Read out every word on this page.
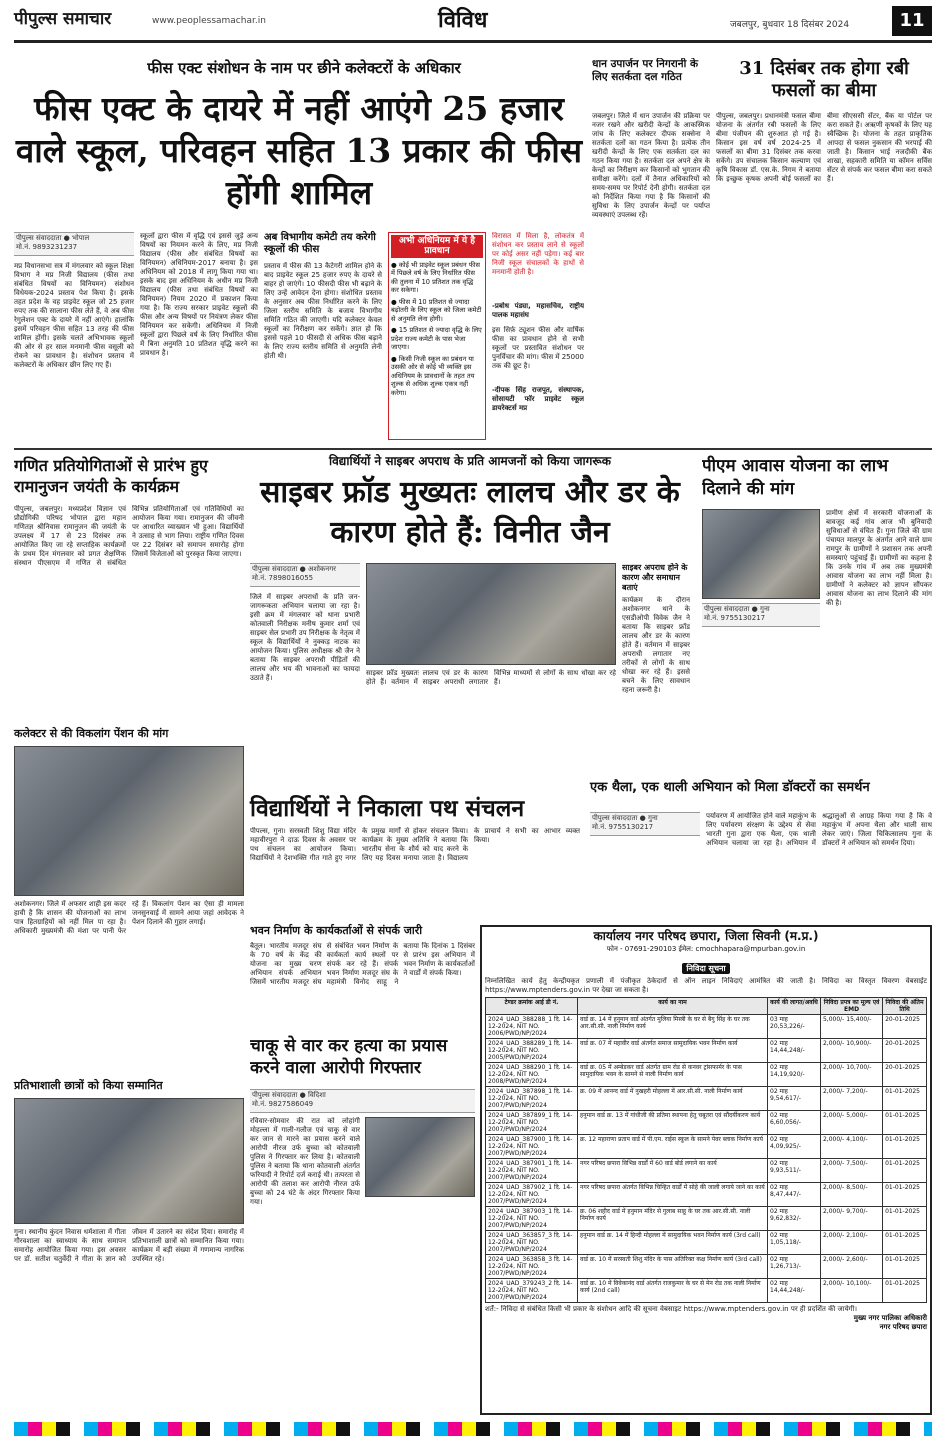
पीपुल्स समाचार	www.peoplessamachar.in	विविध	जबलपुर, बुधवार 18 दिसंबर 2024	11
फीस एक्ट संशोधन के नाम पर छीने कलेक्टरों के अधिकार
फीस एक्ट के दायरे में नहीं आएंगे 25 हजार वाले स्कूल, परिवहन सहित 13 प्रकार की फीस होंगी शामिल
पीपुल्स संवाददाता ● भोपाल
मो.नं. 9893231237
मप्र विधानसभा सत्र में मंगलवार को स्कूल शिक्षा विभाग ने मप्र निजी विद्यालय (फीस तथा संबंधित विषयों का विनियमन) संशोधन विधेयक-2024 प्रस्ताव पेश किया है। इसके तहत प्रदेश के वह प्राइवेट स्कूल जो 25 हजार रुपए तक की सालाना फीस लेते हैं, वे अब फीस रेगुलेशन एक्ट के दायरे में नहीं आएंगे। हालांकि इसमें परिवहन फीस सहित 13 तरह की फीस शामिल होंगी। इसके चलते अभिभावक स्कूलों की ओर से हर साल मनमानी फीस वसूली को रोकने का प्रावधान है। संशोधन प्रस्ताव में कलेक्टरों के अधिकार छीन लिए गए हैं।
स्कूलों द्वारा फीस में वृद्धि एवं इससे जुड़े अन्य विषयों का नियमन करने के लिए, मप्र निजी विद्यालय (फीस और संबंधित विषयों का विनियमन) अधिनियम-2017 बनाया है। इस अधिनियम को 2018 में लागू किया गया था। इसके बाद इस अधिनियम के अधीन मप्र निजी विद्यालय (फीस तथा संबंधित विषयों का विनियमन) नियम 2020 में प्रकाशन किया गया है। कि राज्य सरकार प्राइवेट स्कूलों की फीस और अन्य विषयों पर नियंत्रण लेकर फीस विनियमन कर सकेगी। अधिनियम में निजी स्कूलों द्वारा पिछले वर्ष के लिए निर्धारित फीस में बिना अनुमति 10 प्रतिशत वृद्धि करने का प्रावधान है।
अब विभागीय कमेटी तय करेगी स्कूलों की फीस
प्रस्ताव में फीस की 13 कैटेगरी शामिल होने के बाद प्राइवेट स्कूल 25 हजार रुपए के दायरे से बाहर हो जाएंगे। 10 फीसदी फीस भी बढ़ाने के लिए उन्हें आवेदन देना होगा। संशोधित प्रस्ताव के अनुसार अब फीस निर्धारित करने के लिए जिला स्तरीय समिति के बजाय विभागीय समिति गठित की जाएगी। यदि कलेक्टर केवल स्कूलों का निरीक्षण कर सकेंगे। ज्ञात हो कि इससे पहले 10 फीसदी से अधिक फीस बढ़ाने के लिए राज्य स्तरीय समिति से अनुमति लेनी होती थी।
अभी अधिनियम में ये है प्रावधान
● कोई भी प्राइवेट स्कूल प्रबंधन फीस में पिछले वर्ष के लिए निर्धारित फीस की तुलना में 10 प्रतिशत तक वृद्धि कर सकेगा।
● फीस में 10 प्रतिशत से ज्यादा बढ़ोतरी के लिए स्कूल को जिला कमेटी से अनुमति लेना होगी।
● 15 प्रतिशत से ज्यादा वृद्धि के लिए प्रदेश राज्य कमेटी के पास भेजा जाएगा।
● किसी निजी स्कूल का प्रबंधन या उसकी ओर से कोई भी व्यक्ति इस अधिनियम के प्रावधानों के तहत तय शुल्क से अधिक शुल्क एकत्र नहीं करेगा।
विरासत में मिला है, लोकतंत्र में संशोधन कर प्रस्ताव लाने से स्कूलों पर कोई असर नहीं पड़ेगा। कई बार निजी स्कूल संचालकों के हाथों से मनमानी होती है।
-प्रबोध पंड्या, महासचिव, राष्ट्रीय पालक महासंघ
इस सिर्फ़ ट्यूशन फीस और वार्षिक फीस का प्रावधान होने से सभी स्कूलों पर प्रस्तावित संशोधन पर पुनर्विचार की मांग। फीस में 25000 तक की छूट है।
-दीपक सिंह राजपूत, संस्थापक, सोसायटी फॉर प्राइवेट स्कूल डायरेक्टर्स मप्र
धान उपार्जन पर निगरानी के लिए सतर्कता दल गठित
जबलपुर। जिले में धान उपार्जन की प्रक्रिया पर नजर रखने और खरीदी केन्द्रों के आकस्मिक जांच के लिए कलेक्टर दीपक सक्सेना ने सतर्कता दलों का गठन किया है। प्रत्येक तीन खरीदी केन्द्रों के लिए एक सतर्कता दल का गठन किया गया है। सतर्कता दल अपने क्षेत्र के केन्द्रों का निरीक्षण कर किसानों को भुगतान की समीक्षा करेंगे। दलों में तैनात अधिकारियों को समय-समय पर रिपोर्ट देनी होगी। सतर्कता दल को निर्देशित किया गया है कि किसानों की सुविधा के लिए उपार्जन केन्द्रों पर पर्याप्त व्यवस्थाएं उपलब्ध रहें।
31 दिसंबर तक होगा रबी फसलों का बीमा
पीपुल्स, जबलपुर। प्रधानमंत्री फसल बीमा योजना के अंतर्गत रबी फसलों के लिए बीमा पंजीयन की शुरुआत हो गई है। किसान इस वर्ष वर्ष 2024-25 में फसलों का बीमा 31 दिसंबर तक करवा सकेंगे। उप संचालक किसान कल्याण एवं कृषि विकास डॉ. एस.के. निगम ने बताया कि इच्छुक कृषक अपनी बोई फसलों का बीमा सीएससी सेंटर, बैंक या पोर्टल पर करा सकते हैं। अऋणी कृषकों के लिए यह स्वैच्छिक है। योजना के तहत प्राकृतिक आपदा से फसल नुकसान की भरपाई की जाती है। किसान भाई नजदीकी बैंक शाखा, सहकारी समिति या कॉमन सर्विस सेंटर से संपर्क कर फसल बीमा करा सकते हैं।
गणित प्रतियोगिताओं से प्रारंभ हुए रामानुजन जयंती के कार्यक्रम
पीपुल्स, जबलपुर। मध्यप्रदेश विज्ञान एवं प्रौद्योगिकी परिषद भोपाल द्वारा महान गणितज्ञ श्रीनिवास रामानुजन की जयंती के उपलक्ष्य में 17 से 23 दिसंबर तक आयोजित किए जा रहे सप्ताहिक कार्यक्रमों के प्रथम दिन मंगलवार को प्रगत शैक्षणिक संस्थान पीएसएम में गणित से संबंधित विभिन्न प्रतियोगिताओं एवं गतिविधियों का आयोजन किया गया। रामानुजन की जीवनी पर आधारित व्याख्यान भी हुआ। विद्यार्थियों ने उत्साह से भाग लिया। राष्ट्रीय गणित दिवस पर 22 दिसंबर को समापन समारोह होगा जिसमें विजेताओं को पुरस्कृत किया जाएगा।
विद्यार्थियों ने साइबर अपराध के प्रति आमजनों को किया जागरूक
साइबर फ्रॉड मुख्यतः लालच और डर के कारण होते हैं: विनीत जैन
पीपुल्स संवाददाता ● अशोकनगर
मो.नं. 7898016055
साइबर अपराध होने के कारण और समाधान बताएं
कार्यक्रम के दौरान अशोकनगर थाने के एसडीओपी विवेक जैन ने बताया कि साइबर फ्रॉड लालच और डर के कारण होते हैं। वर्तमान में साइबर अपराधी लगातार नए तरीकों से लोगों के साथ धोखा कर रहे हैं। इससे बचने के लिए सावधान रहना जरूरी है।
जिले में साइबर अपराधों के प्रति जन-जागरूकता अभियान चलाया जा रहा है। इसी क्रम में मंगलवार को थाना प्रभारी कोतवाली निरीक्षक मनीष कुमार शर्मा एवं साइबर सेल प्रभारी उप निरीक्षक के नेतृत्व में स्कूल के विद्यार्थियों ने नुक्कड़ नाटक का आयोजन किया। पुलिस अधीक्षक श्री जैन ने बताया कि साइबर अपराधी पीड़ितों की लालच और भय की भावनाओं का फायदा उठाते हैं।
साइबर फ्रॉड मुख्यतः लालच एवं डर के कारण होते हैं। वर्तमान में साइबर अपराधी लगातार विभिन्न माध्यमों से लोगों के साथ धोखा कर रहे हैं।
पीएम आवास योजना का लाभ दिलाने की मांग
पीपुल्स संवाददाता ● गुना
मो.नं. 9755130217
प्रामीण क्षेत्रों में सरकारी योजनाओं के बावजूद कई गांव आज भी बुनियादी सुविधाओं से वंचित हैं। गुना जिले की ग्राम पंचायत मालपुर के अंतर्गत आने वाले ग्राम रामपुर के ग्रामीणों ने प्रशासन तक अपनी समस्याएं पहुंचाई हैं। ग्रामीणों का कहना है कि उनके गांव में अब तक मुख्यमंत्री आवास योजना का लाभ नहीं मिला है। ग्रामीणों ने कलेक्टर को ज्ञापन सौंपकर आवास योजना का लाभ दिलाने की मांग की है।
कलेक्टर से की विकलांग पेंशन की मांग
अशोकनगर। जिले में अफसर शाही इस कदर हावी है कि शासन की योजनाओं का लाभ पात्र हितग्राहियों को नहीं मिल पा रहा है। अधिकारी मुख्यमंत्री की मंशा पर पानी फेर रहे हैं। विकलांग पेंशन का ऐसा ही मामला जनसुनवाई में सामने आया जहां आवेदक ने पेंशन दिलाने की गुहार लगाई।
विद्यार्थियों ने निकाला पथ संचलन
पीपल्स, गुना। सरस्वती शिशु विद्या मंदिर महावीरपुरा ने दाऊ दिवस के अवसर पर पथ संचलन का आयोजन किया। विद्यार्थियों ने देशभक्ति गीत गाते हुए नगर के प्रमुख मार्गों से होकर संचलन किया। कार्यक्रम के मुख्य अतिथि ने बताया कि भारतीय सेना के शौर्य को याद करने के लिए यह दिवस मनाया जाता है। विद्यालय के प्राचार्य ने सभी का आभार व्यक्त किया।
एक थैला, एक थाली अभियान को मिला डॉक्टरों का समर्थन
पीपुल्स संवाददाता ● गुना
मो.नं. 9755130217
पर्यावरण में आयोजित होने वाले महाकुंभ के लिए पर्यावरण संरक्षण के उद्देश्य से सेवा भारती गुना द्वारा एक थैला, एक थाली अभियान चलाया जा रहा है। अभियान में श्रद्धालुओं से आग्रह किया गया है कि वे महाकुंभ में अपना थैला और थाली साथ लेकर जाएं। जिला चिकित्सालय गुना के डॉक्टरों ने अभियान को समर्थन दिया।
भवन निर्माण के कार्यकर्ताओं से संपर्क जारी
बैतूल। भारतीय मजदूर संघ के 70 वर्ष के केंद्र की योजना का मुख्य चरण अभियान संपर्क अभियान जिसमें भारतीय मजदूर संघ से संबंधित भवन निर्माण के कार्यकर्ता कार्य स्थलों पर संपर्क कर रहे हैं। संपर्क भवन निर्माण मजदूर संघ के महामंत्री विनोद साहू ने बताया कि दिनांक 1 दिसंबर से प्रारंभ इस अभियान में भवन निर्माण के कार्यकर्ताओं ने वार्डों में संपर्क किया।
प्रतिभाशाली छात्रों को किया सम्मानित
गुना। स्थानीय कुंदन निवास धर्मशाला में गीता गौरवशाला का स्वाध्याय के साथ समापन समारोह आयोजित किया गया। इस अवसर पर डॉ. सतीश चतुर्वेदी ने गीता के ज्ञान को जीवन में उतारने का संदेश दिया। समारोह में प्रतिभाशाली छात्रों को सम्मानित किया गया। कार्यक्रम में बड़ी संख्या में गणमान्य नागरिक उपस्थित रहे।
चाकू से वार कर हत्या का प्रयास करने वाला आरोपी गिरफ्तार
पीपुल्स संवाददाता ● विदिशा
मो.नं. 9827586049
रविवार-सोमवार की रात को लोहांगी मोहल्ला में गाली-गलौज एवं चाकू से वार कर जान से मारने का प्रयास करने वाले आरोपी नीरज उर्फ बुच्चा को कोतवाली पुलिस ने गिरफ्तार कर लिया है। कोतवाली पुलिस ने बताया कि थाना कोतवाली अंतर्गत फरियादी ने रिपोर्ट दर्ज कराई थी। तत्परता से आरोपी की तलाश कर आरोपी नीरज उर्फ बुच्चा को 24 घंटे के अंदर गिरफ्तार किया गया।
कार्यालय नगर परिषद छपारा, जिला सिवनी (म.प्र.)
फोन - 07691-290103 ईमेल: cmochhapara@mpurban.gov.in
निविदा सूचना
निम्नलिखित कार्य हेतु केन्द्रीयकृत प्रणाली में पंजीकृत ठेकेदारों से ऑन लाइन निविदाएं आमंत्रित की जाती है। निविदा का विस्तृत विवरण वेबसाईट https://www.mptenders.gov.in पर देखा जा सकता है।
टेण्डर क्रमांक आई डी नं.	कार्य का नाम	कार्य की लागत/अवधि	निविदा प्रपत्र का मूल्य एवं EMD	निविदा की अंतिम तिथि
2024_UAD_388288_1 दि. 14-12-2024, NIT NO. 2006/PWD/NP/2024	वार्ड क्र. 14 में हनुमान वार्ड अंतर्गत मुलिया मिस्त्री के घर से बैगु सिंह के घर तक आर.सी.सी. नाली निर्माण कार्य	03 माह 20,53,226/-	5,000/- 15,400/-	20-01-2025
2024_UAD_388289_1 दि. 14-12-2024, NIT NO. 2005/PWD/NP/2024	वार्ड क्र. 07 में महावीर वार्ड अंतर्गत समाज सामुदायिक भवन निर्माण कार्य	02 माह 14,44,248/-	2,000/- 10,900/-	20-01-2025
2024_UAD_388290_1 दि. 14-12-2024, NIT NO. 2008/PWD/NP/2024	वार्ड क्र. 05 में अम्बेडकर वार्ड अंतर्गत ग्राम रोड से कनवर ट्रांसफार्मर के पास सामुदायिक भवन के सामने से नाली निर्माण कार्य	02 माह 14,19,920/-	2,000/- 10,700/-	20-01-2025
2024_UAD_387898_1 दि. 14-12-2024, NIT NO. 2007/PWD/NP/2024	क्र. 09 में आनन्द वार्ड में नुखहरी मोहल्ला में आर.सी.सी. नाली निर्माण कार्य	02 माह 9,54,617/-	2,000/- 7,200/-	01-01-2025
2024_UAD_387899_1 दि. 14-12-2024, NIT NO. 2007/PWD/NP/2024	हनुमान वार्ड क्र. 13 में गांधीजी की प्रतिमा स्थापना हेतु चबूतरा एवं सौंदर्यीकरण कार्य	02 माह 6,60,056/-	2,000/- 5,000/-	01-01-2025
2024_UAD_387900_1 दि. 14-12-2024, NIT NO. 2007/PWD/NP/2024	क्र. 12 महाराणा प्रताप वार्ड में पी.एम. राईस स्कूल के सामने पेवर ब्लाक निर्माण कार्य	02 माह 4,09,925/-	2,000/- 4,100/-	01-01-2025
2024_UAD_387901_1 दि. 14-12-2024, NIT NO. 2007/PWD/NP/2024	नगर परिषद छपारा विभिन्न वार्डों में 60 वार्ड बोर्ड लगाने का कार्य	02 माह 9,93,511/-	2,000/- 7,500/-	01-01-2025
2024_UAD_387902_1 दि. 14-12-2024, NIT NO. 2007/PWD/NP/2024	नगर परिषद छपारा अंतर्गत विभिन्न चिन्हित वार्डों में सोहे की जाली लगाये जाने का कार्य	02 माह 8,47,447/-	2,000/- 8,500/-	01-01-2025
2024_UAD_387903_1 दि. 14-12-2024, NIT NO. 2007/PWD/NP/2024	क्र. 06 शहीद वार्ड में हनुमान मंदिर से गुलाब साहू के घर तक आर.सी.सी. नाली निर्माण कार्य	02 माह 9,62,832/-	2,000/- 9,700/-	01-01-2025
2024_UAD_363857_3 दि. 14-12-2024, NIT NO. 2007/PWD/NP/2024	हनुमान वार्ड क्र. 14 में हिन्दी मोहल्ला में सामुदायिक भवन निर्माण कार्य (3rd call)	02 माह 1,05,118/-	2,000/- 2,100/-	01-01-2025
2024_UAD_363858_3 दि. 14-12-2024, NIT NO. 2007/PWD/NP/2024	वार्ड क्र. 10 में सरस्वती शिशु मंदिर के पास अतिरिक्त कक्ष निर्माण कार्य (3rd call)	02 माह 1,26,713/-	2,000/- 2,600/-	01-01-2025
2024_UAD_379243_2 दि. 14-12-2024, NIT NO. 2007/PWD/NP/2024	वार्ड क्र. 10 में विवेकानंद वार्ड अंतर्गत राजकुमार के घर से मेन रोड तक नाली निर्माण कार्य (2nd call)	02 माह 14,44,248/-	2,000/- 10,100/-	01-01-2025
शर्तें:- निविदा से संबंधित किसी भी प्रकार के संशोधन आदि की सूचना वेबसाइट https://www.mptenders.gov.in पर ही प्रदर्शित की जायेगी।
मुख्य नगर पालिका अधिकारी
नगर परिषद छपारा
